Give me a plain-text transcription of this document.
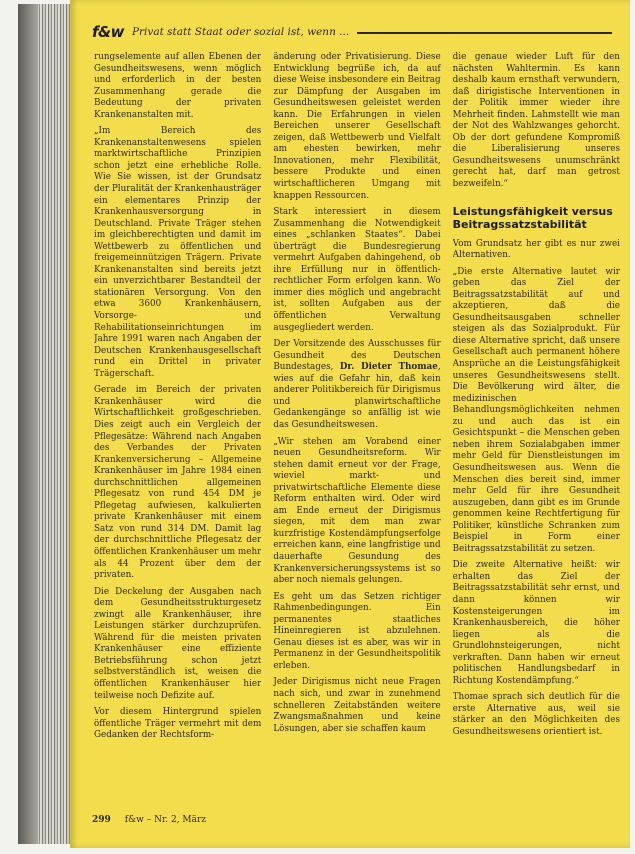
f&w Privat statt Staat oder sozial ist, wenn ...

rungselemente auf allen Ebenen der Gesundheitswesens, wenn möglich und erforderlich in der besten Zusammenhang gerade die Bedeutung der privaten Krankenanstalten mit.

„Im Bereich des Krankenanstaltenwesens spielen marktwirtschaftliche Prinzipien schon jetzt eine erhebliche Rolle. Wie Sie wissen, ist der Grundsatz der Pluralität der Krankenhausträger ein elementares Prinzip der Krankenhausversorgung in Deutschland. Private Träger stehen im gleichberechtigten und damit im Wettbewerb zu öffentlichen und freigemeinnützigen Trägern. Private Krankenanstalten sind bereits jetzt ein unverzichtbarer Bestandteil der stationären Versorgung. Von den etwa 3600 Krankenhäusern, Vorsorge- und Rehabilitationseinrichtungen im Jahre 1991 waren nach Angaben der Deutschen Krankenhausgesellschaft rund ein Drittel in privater Trägerschaft.

Gerade im Bereich der privaten Krankenhäuser wird die Wirtschaftlichkeit großgeschrieben. Dies zeigt auch ein Vergleich der Pflegesätze: Während nach Angaben des Verbandes der Privaten Krankenversicherung – Allgemeine Krankenhäuser im Jahre 1984 einen durchschnittlichen allgemeinen Pflegesatz von rund 454 DM je Pflegetag aufwiesen, kalkulierten private Krankenhäuser mit einem Satz von rund 314 DM. Damit lag der durchschnittliche Pflegesatz der öffentlichen Krankenhäuser um mehr als 44 Prozent über dem der privaten.

Die Deckelung der Ausgaben nach dem Gesundheitsstrukturgesetz zwingt alle Krankenhäuser, ihre Leistungen stärker durchzuprüfen. Während für die meisten privaten Krankenhäuser eine effiziente Betriebsführung schon jetzt selbstverständlich ist, weisen die öffentlichen Krankenhäuser hier teilweise noch Defizite auf.

Vor diesem Hintergrund spielen öffentliche Träger vermehrt mit dem Gedanken der Rechtsform-

änderung oder Privatisierung. Diese Entwicklung begrüße ich, da auf diese Weise insbesondere ein Beitrag zur Dämpfung der Ausgaben im Gesundheitswesen geleistet werden kann. Die Erfahrungen in vielen Bereichen unserer Gesellschaft zeigen, daß Wettbewerb und Vielfalt am ehesten bewirken, mehr Innovationen, mehr Flexibilität, bessere Produkte und einen wirtschaftlicheren Umgang mit knappen Ressourcen.

Stark interessiert in diesem Zusammenhang die Notwendigkeit eines „schlanken Staates“. Dabei überträgt die Bundesregierung vermehrt Aufgaben dahingehend, ob ihre Erfüllung nur in öffentlich-rechtlicher Form erfolgen kann. Wo immer dies möglich und angebracht ist, sollten Aufgaben aus der öffentlichen Verwaltung ausgegliedert werden.

Der Vorsitzende des Ausschusses für Gesundheit des Deutschen Bundestages, Dr. Dieter Thomae, wies auf die Gefahr hin, daß kein anderer Politikbereich für Dirigismus und planwirtschaftliche Gedankengänge so anfällig ist wie das Gesundheitswesen.

„Wir stehen am Vorabend einer neuen Gesundheitsreform. Wir stehen damit erneut vor der Frage, wieviel markt- und privatwirtschaftliche Elemente diese Reform enthalten wird. Oder wird am Ende erneut der Dirigismus siegen, mit dem man zwar kurzfristige Kostendämpfungserfolge erreichen kann, eine langfristige und dauerhafte Gesundung des Krankenversicherungssystems ist so aber noch niemals gelungen.

Es geht um das Setzen richtiger Rahmenbedingungen. Ein permanentes staatliches Hineinregieren ist abzulehnen. Genau dieses ist es aber, was wir in Permanenz in der Gesundheitspolitik erleben.

Jeder Dirigismus nicht neue Fragen nach sich, und zwar in zunehmend schnelleren Zeitabständen weitere Zwangsmaßnahmen und keine Lösungen, aber sie schaffen kaum

die genaue wieder Luft für den nächsten Wahltermin. Es kann deshalb kaum ernsthaft verwundern, daß dirigistische Interventionen in der Politik immer wieder ihre Mehrheit finden. Lahmstellt wie man der Not des Wahlzwanges gehorcht. Ob der dort gefundene Kompromiß die Liberalisierung unseres Gesundheitswesens unumschränkt gerecht hat, darf man getrost bezweifeln.“

Leistungsfähigkeit versus Beitragssatzstabilität

Vom Grundsatz her gibt es nur zwei Alternativen.

„Die erste Alternative lautet wir geben das Ziel der Beitragssatzstabilität auf und akzeptieren, daß die Gesundheitsausgaben schneller steigen als das Sozialprodukt. Für diese Alternative spricht, daß unsere Gesellschaft auch permanent höhere Ansprüche an die Leistungsfähigkeit unseres Gesundheitswesens stellt. Die Bevölkerung wird älter, die medizinischen Behandlungsmöglichkeiten nehmen zu und auch das ist ein Gesichtspunkt – die Menschen geben neben ihrem Sozialabgaben immer mehr Geld für Dienstleistungen im Gesundheitswesen aus. Wenn die Menschen dies bereit sind, immer mehr Geld für ihre Gesundheit auszugeben, dann gibt es im Grunde genommen keine Rechtfertigung für Politiker, künstliche Schranken zum Beispiel in Form einer Beitragssatzstabilität zu setzen.

Die zweite Alternative heißt: wir erhalten das Ziel der Beitragssatzstabilität sehr ernst, und dann können wir Kostensteigerungen im Krankenhausbereich, die höher liegen als die Grundlohnsteigerungen, nicht verkraften. Dann haben wir erneut politischen Handlungsbedarf in Richtung Kostendämpfung.“

Thomae sprach sich deutlich für die erste Alternative aus, weil sie stärker an den Möglichkeiten des Gesundheitswesens orientiert ist.

299 f&w – Nr. 2, März
